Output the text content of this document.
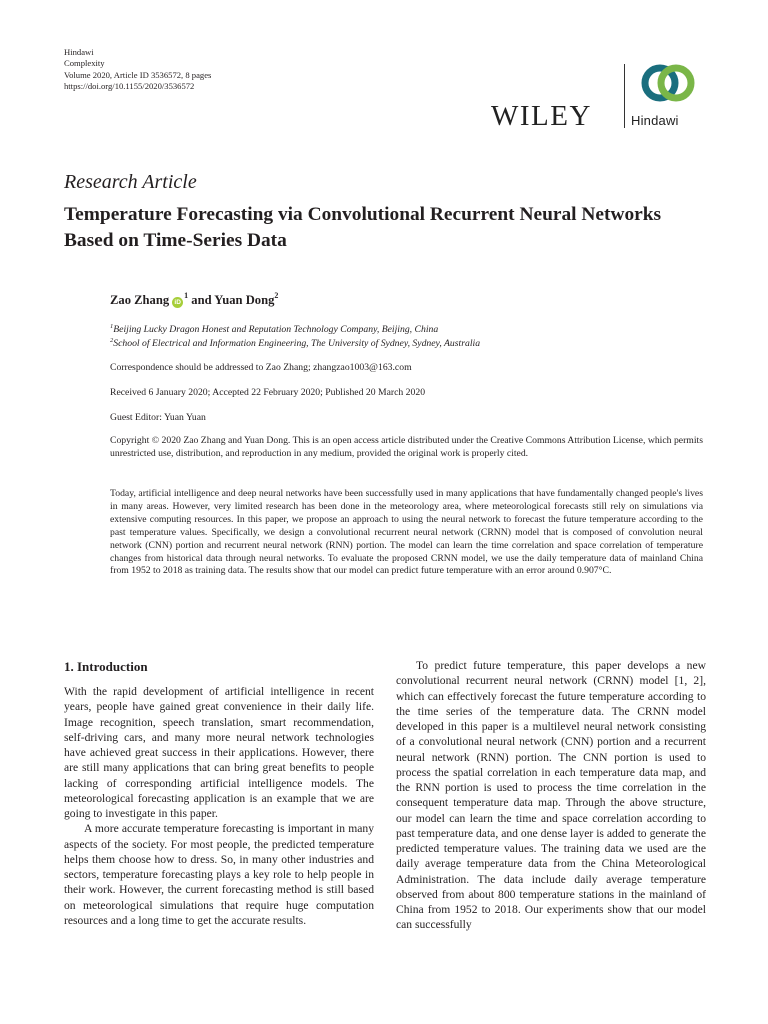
Hindawi
Complexity
Volume 2020, Article ID 3536572, 8 pages
https://doi.org/10.1155/2020/3536572
WILEY	Hindawi
Research Article
Temperature Forecasting via Convolutional Recurrent Neural Networks Based on Time-Series Data
Zao Zhang $iD^1$ and Yuan Dong$^2$
$^1$Beijing Lucky Dragon Honest and Reputation Technology Company, Beijing, China
$^2$School of Electrical and Information Engineering, The University of Sydney, Sydney, Australia
Correspondence should be addressed to Zao Zhang; zhangzao1003@163.com
Received 6 January 2020; Accepted 22 February 2020; Published 20 March 2020
Guest Editor: Yuan Yuan
Copyright © 2020 Zao Zhang and Yuan Dong. This is an open access article distributed under the Creative Commons Attribution License, which permits unrestricted use, distribution, and reproduction in any medium, provided the original work is properly cited.
Today, artificial intelligence and deep neural networks have been successfully used in many applications that have fundamentally changed people's lives in many areas. However, very limited research has been done in the meteorology area, where meteorological forecasts still rely on simulations via extensive computing resources. In this paper, we propose an approach to using the neural network to forecast the future temperature according to the past temperature values. Specifically, we design a convolutional recurrent neural network (CRNN) model that is composed of convolution neural network (CNN) portion and recurrent neural network (RNN) portion. The model can learn the time correlation and space correlation of temperature changes from historical data through neural networks. To evaluate the proposed CRNN model, we use the daily temperature data of mainland China from 1952 to 2018 as training data. The results show that our model can predict future temperature with an error around 0.907°C.
1. Introduction

With the rapid development of artificial intelligence in recent years, people have gained great convenience in their daily life. Image recognition, speech translation, smart recommendation, self-driving cars, and many more neural network technologies have achieved great success in their applications. However, there are still many applications that can bring great benefits to people lacking of corresponding artificial intelligence models. The meteorological forecasting application is an example that we are going to investigate in this paper.

A more accurate temperature forecasting is important in many aspects of the society. For most people, the predicted temperature helps them choose how to dress. So, in many other industries and sectors, temperature forecasting plays a key role to help people in their work. However, the current forecasting method is still based on meteorological simulations that require huge computation resources and a long time to get the accurate results.

To predict future temperature, this paper develops a new convolutional recurrent neural network (CRNN) model [1, 2], which can effectively forecast the future temperature according to the time series of the temperature data. The CRNN model developed in this paper is a multilevel neural network consisting of a convolutional neural network (CNN) portion and a recurrent neural network (RNN) portion. The CNN portion is used to process the spatial correlation in each temperature data map, and the RNN portion is used to process the time correlation in the consequent temperature data map. Through the above structure, our model can learn the time and space correlation according to past temperature data, and one dense layer is added to generate the predicted temperature values. The training data we used are the daily average temperature data from the China Meteorological Administration. The data include daily average temperature observed from about 800 temperature stations in the mainland of China from 1952 to 2018. Our experiments show that our model can successfully
